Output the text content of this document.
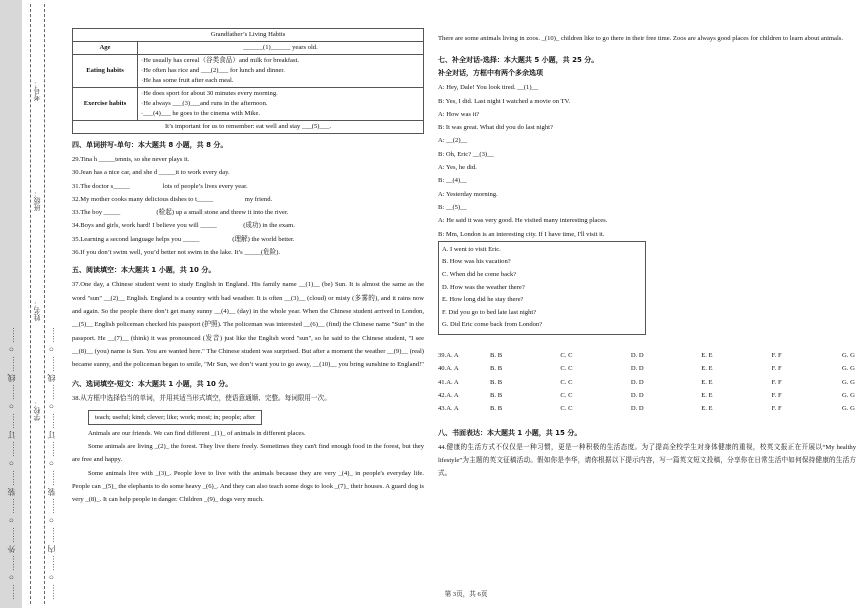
…… ○ …… 外 …… ○ …… 装 …… ○ …… 订 …… ○ …… 线 …… ○ …… 学校：
姓名：
班级：
考号：
…… ○ …… 内 …… ○ …… 装 …… ○ …… 订 …… ○ …… 线 …… ○ ……
Grandfather’s Living Habits	
Age	______(1)______ years old.
Eating habits	·He usually has cereal（谷类食品）and milk for breakfast.
·He often has rice and ___(2)___ for lunch and dinner.
·He has some fruit after each meal.

Exercise habits	·He does sport for about 30 minutes every morning.
·He always ___(3)___and runs in the afternoon.
·___(4)___ he goes to the cinema with Mike.

It’s important for us to remember: eat well and stay ___(5)___.	
四、单词拼写-单句：本大题共 8 小题，共 8 分。
29.Tina h _____tennis, so she never plays it.
30.Jean has a nice car, and she d _____it to work every day.
31.The doctor s_____                    lots of people’s lives every year.
32.My mother cooks many delicious dishes to t_____                   my friend.
33.The boy _____                      (检起) up a small stone and threw it into the river.
34.Boys and girls, work hard! I believe you will _____                (成功) in the exam.
35.Learning a second language helps you _____                    (理解) the world better.
36.If you don’t swim well, you’d better not swim in the lake. It’s _____(危险).
五、阅读填空：本大题共 1 小题，共 10 分。
37.One day, a Chinese student went to study English in England. His family name __(1)__ (be) Sun. It is almost the same as the word "sun" __(2)__ English. England is a country with bad weather. It is often __(3)__ (cloud) or misty (多雾的), and it rains now and again. So the people there don’t get many sunny __(4)__ (day) in the whole year. When the Chinese student arrived in London, __(5)__ English policeman checked his passport (护照). The policeman was interested __(6)__ (find) the Chinese name "Sun" in the passport. He __(7)__ (think) it was pronounced (发音) just like the English word "sun", so he said to the Chinese student, "I see __(8)__ (you) name is Sun. You are wanted here." The Chinese student was surprised. But after a moment the weather __(9)__ (real) became sunny, and the policeman began to smile, "Mr Sun, we don’t want you to go away, __(10)__ you bring sunshine to England!"
六、选词填空-短文：本大题共 1 小题，共 10 分。
38.从方框中选择恰当的单词，并用其适当形式填空，使语意通顺、完整。每词限用一次。
teach; useful; kind; clever; like; work; most; in; people; after
Animals are our friends. We can find different _(1)_ of animals in different places.
Some animals are living _(2)_ the forest. They live there freely. Sometimes they can't find enough food in the forest, but they are free and happy.
Some animals live with _(3)_. People love to live with the animals because they are very _(4)_ in people's everyday life. People can _(5)_ the elephants to do some heavy _(6)_. And they can also teach some dogs to look _(7)_ their houses. A guard dog is very _(8)_. It can help people in danger. Children _(9)_ dogs very much.
There are some animals living in zoos. _(10)_ children like to go there in their free time. Zoos are always good places for children to learn about animals.
七、补全对话-选择：本大题共 5 小题，共 25 分。
补全对话，方框中有两个多余选项
A: Hey, Dale! You look tired. __(1)__
B: Yes, I did. Last night I watched a movie on TV.
A: How was it?
B: It was great. What did you do last night?
A: __(2)__
B: Oh, Eric? __(3)__
A: Yes, he did.
B: __(4)__
A: Yesterday morning.
B: __(5)__
A: He said it was very good. He visited many interesting places.
B: Mm, London is an interesting city. If I have time, I'll visit it.
A. I went to visit Eric.
B. How was his vacation?
C. When did he come back?
D. How was the weather there?
E. How long did he stay there?
F. Did you go to bed late last night?
G. Did Eric come back from London?
39.A. A	B. B	C. C	D. D	E. E	F. F	G. G
40.A. A	B. B	C. C	D. D	E. E	F. F	G. G
41.A. A	B. B	C. C	D. D	E. E	F. F	G. G
42.A. A	B. B	C. C	D. D	E. E	F. F	G. G
43.A. A	B. B	C. C	D. D	E. E	F. F	G. G
八、书面表达：本大题共 1 小题，共 15 分。
44.健康的生活方式不仅仅是一种习惯，更是一种积极的生活态度。为了提高全校学生对身体健康的重视，校英文报正在开展以“My healthy lifestyle”为主题的英文征稿活动。假如你是李华，请你根据以下提示内容，写一篇英文短文投稿，分享你在日常生活中如何保持健康的生活方式。
第 3页，共 6页
